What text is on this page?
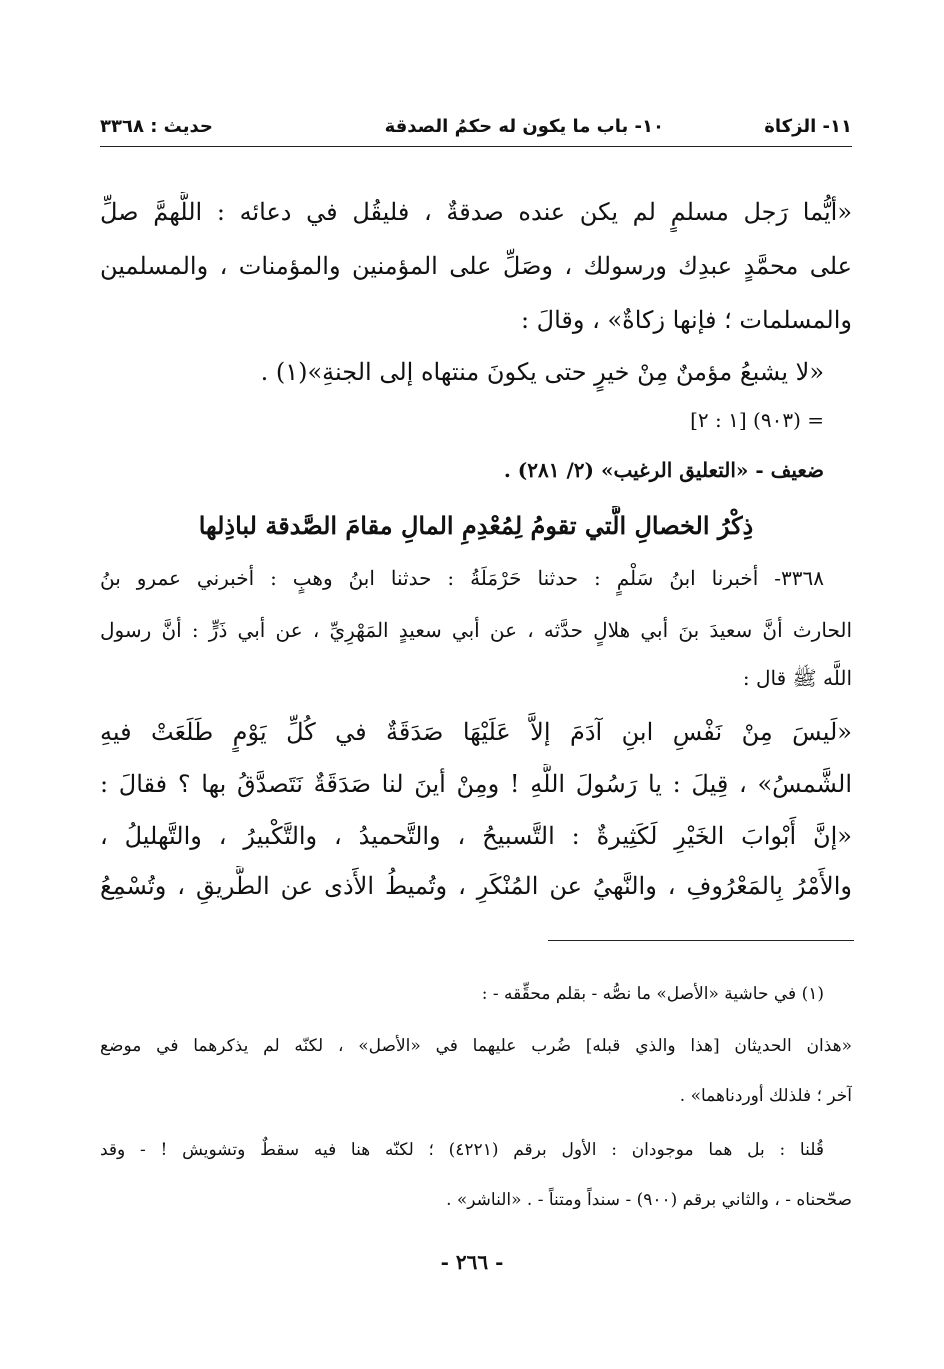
١١- الزكاة
١٠- باب ما يكون له حكمُ الصدقة
حديث : ٣٣٦٨
«أيُّما رَجل مسلمٍ لم يكن عنده صدقةٌ ، فليقُل في دعائه : اللَّهمَّ صلِّ
على محمَّدٍ عبدِك ورسولك ، وصَلِّ على المؤمنين والمؤمنات ، والمسلمين
والمسلمات ؛ فإنها زكاةٌ» ، وقالَ :
«لا يشبعُ مؤمنٌ مِنْ خيرٍ حتى يكونَ منتهاه إلى الجنةِ»(١) .
= (٩٠٣) [١ : ٢]
ضعيف - «التعليق الرغيب» (٢/ ٢٨١) .
ذِكْرُ الخصالِ الَّتي تقومُ لِمُعْدِمِ المالِ مقامَ الصَّدقة لباذِلها
٣٣٦٨- أخبرنا ابنُ سَلْمٍ : حدثنا حَرْمَلَةُ : حدثنا ابنُ وهبٍ : أخبرني عمرو بنُ
الحارث أنَّ سعيدَ بنَ أبي هلالٍ حدَّثه ، عن أبي سعيدٍ المَهْرِيِّ ، عن أبي ذَرٍّ : أنَّ رسول
اللَّه ﷺ قال :
«لَيسَ مِنْ نَفْسِ ابنِ آدَمَ إلاَّ عَلَيْهَا صَدَقَةٌ في كُلِّ يَوْمٍ طَلَعَتْ فيهِ
الشَّمسُ» ، قِيلَ : يا رَسُولَ اللَّهِ ! ومِنْ أينَ لنا صَدَقَةٌ نَتَصدَّقُ بها ؟ فقالَ :
«إنَّ أَبْوابَ الخَيْرِ لَكَثِيرةٌ : التَّسبيحُ ، والتَّحميدُ ، والتَّكْبيرُ ، والتَّهليلُ ،
والأَمْرُ بِالمَعْرُوفِ ، والنَّهيُ عن المُنْكَرِ ، وتُميطُ الأَذى عن الطَّريقِ ، وتُسْمِعُ
(١) في حاشية «الأصل» ما نصُّه - بقلم محقِّقه - :
«هذان الحديثان [هذا والذي قبله] ضُرب عليهما في «الأصل» ، لكنّه لم يذكرهما في موضع
آخر ؛ فلذلك أوردناهما» .
قُلنا : بل هما موجودان : الأول برقم (٤٢٢١) ؛ لكنّه هنا فيه سقطٌ وتشويش ! - وقد
صحّحناه - ، والثاني برقم (٩٠٠) - سنداً ومتناً - . «الناشر» .
- ٢٦٦ -
